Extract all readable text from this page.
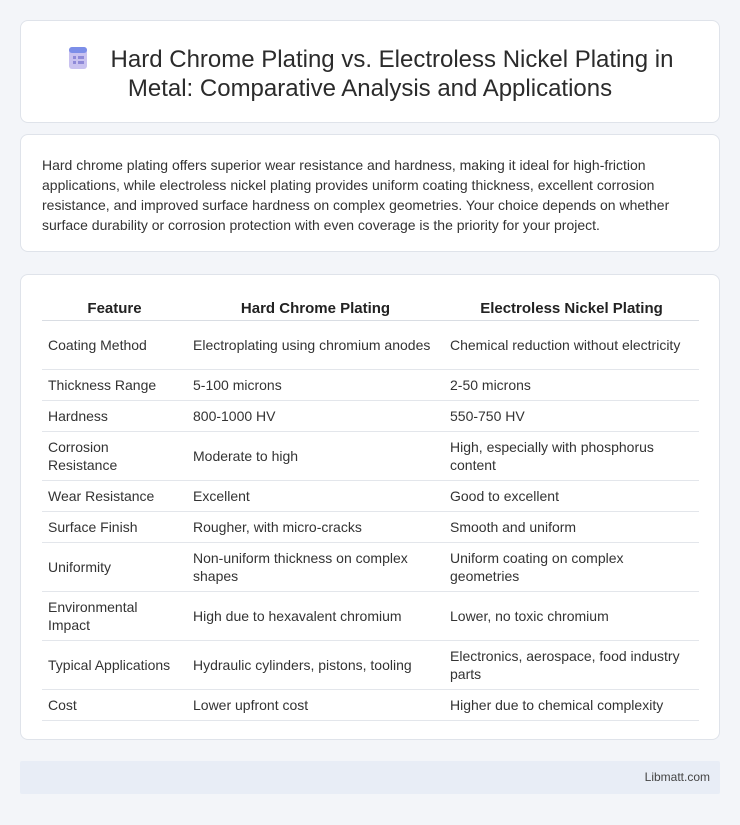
Hard Chrome Plating vs. Electroless Nickel Plating in
Metal: Comparative Analysis and Applications

Hard chrome plating offers superior wear resistance and hardness, making it ideal for high-friction applications, while electroless nickel plating provides uniform coating thickness, excellent corrosion resistance, and improved surface hardness on complex geometries. Your choice depends on whether surface durability or corrosion protection with even coverage is the priority for your project.

Feature	Hard Chrome Plating	Electroless Nickel Plating
Coating Method	Electroplating using chromium anodes	Chemical reduction without electricity
Thickness Range	5-100 microns	2-50 microns
Hardness	800-1000 HV	550-750 HV
Corrosion Resistance	Moderate to high	High, especially with phosphorus content
Wear Resistance	Excellent	Good to excellent
Surface Finish	Rougher, with micro-cracks	Smooth and uniform
Uniformity	Non-uniform thickness on complex shapes	Uniform coating on complex geometries
Environmental Impact	High due to hexavalent chromium	Lower, no toxic chromium
Typical Applications	Hydraulic cylinders, pistons, tooling	Electronics, aerospace, food industry parts
Cost	Lower upfront cost	Higher due to chemical complexity
Libmatt.com
